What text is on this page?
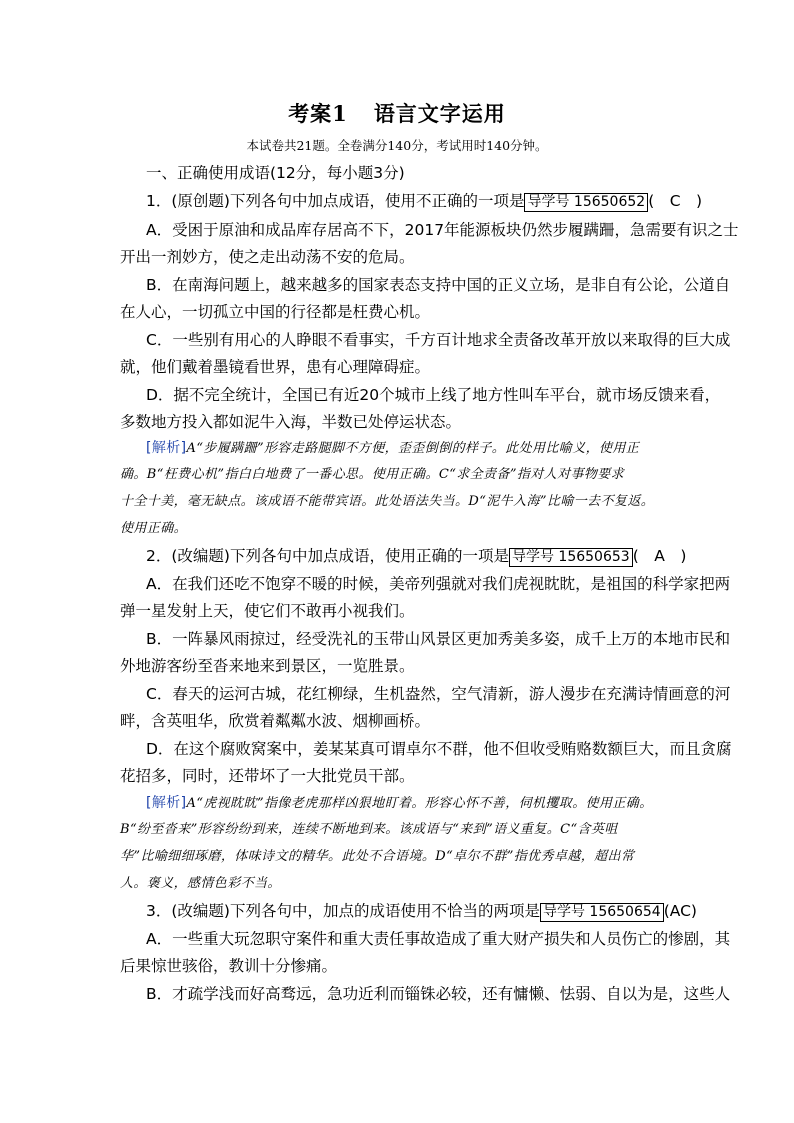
考案1 语言文字运用
本试卷共21题。全卷满分140分，考试用时140分钟。
一、正确使用成语(12分，每小题3分)
1．(原创题)下列各句中加点成语，使用不正确的一项是 导学号 15650652 (　C　)
A．受困于原油和成品库存居高不下，2017年能源板块仍然步履蹒跚，急需要有识之士
开出一剂妙方，使之走出动荡不安的危局。
B．在南海问题上，越来越多的国家表态支持中国的正义立场，是非自有公论，公道自
在人心，一切孤立中国的行径都是枉费心机。
C．一些别有用心的人睁眼不看事实，千方百计地求全责备改革开放以来取得的巨大成
就，他们戴着墨镜看世界，患有心理障碍症。
D．据不完全统计，全国已有近20个城市上线了地方性叫车平台，就市场反馈来看，
多数地方投入都如泥牛入海，半数已处停运状态。
[解析]A“步履蹒跚”形容走路腿脚不方便，歪歪倒倒的样子。此处用比喻义，使用正
确。B“枉费心机”指白白地费了一番心思。使用正确。C“求全责备”指对人对事物要求
十全十美，毫无缺点。该成语不能带宾语。此处语法失当。D“泥牛入海”比喻一去不复返。
使用正确。
2．(改编题)下列各句中加点成语，使用正确的一项是 导学号 15650653 (　A　)
A．在我们还吃不饱穿不暖的时候，美帝列强就对我们虎视眈眈，是祖国的科学家把两
弹一星发射上天，使它们不敢再小视我们。
B．一阵暴风雨掠过，经受洗礼的玉带山风景区更加秀美多姿，成千上万的本地市民和
外地游客纷至沓来地来到景区，一览胜景。
C．春天的运河古城，花红柳绿，生机盎然，空气清新，游人漫步在充满诗情画意的河
畔，含英咀华，欣赏着粼粼水波、烟柳画桥。
D．在这个腐败窝案中，姜某某真可谓卓尔不群，他不但收受贿赂数额巨大，而且贪腐
花招多，同时，还带坏了一大批党员干部。
[解析]A“虎视眈眈”指像老虎那样凶狠地盯着。形容心怀不善，伺机攫取。使用正确。
B“纷至沓来”形容纷纷到来，连续不断地到来。该成语与“来到”语义重复。C“含英咀
华”比喻细细琢磨，体味诗文的精华。此处不合语境。D“卓尔不群”指优秀卓越，超出常
人。褒义，感情色彩不当。
3．(改编题)下列各句中，加点的成语使用不恰当的两项是 导学号 15650654 (AC)
A．一些重大玩忽职守案件和重大责任事故造成了重大财产损失和人员伤亡的惨剧，其
后果惊世骇俗，教训十分惨痛。
B．才疏学浅而好高骛远，急功近利而锱铢必较，还有慵懒、怯弱、自以为是，这些人
